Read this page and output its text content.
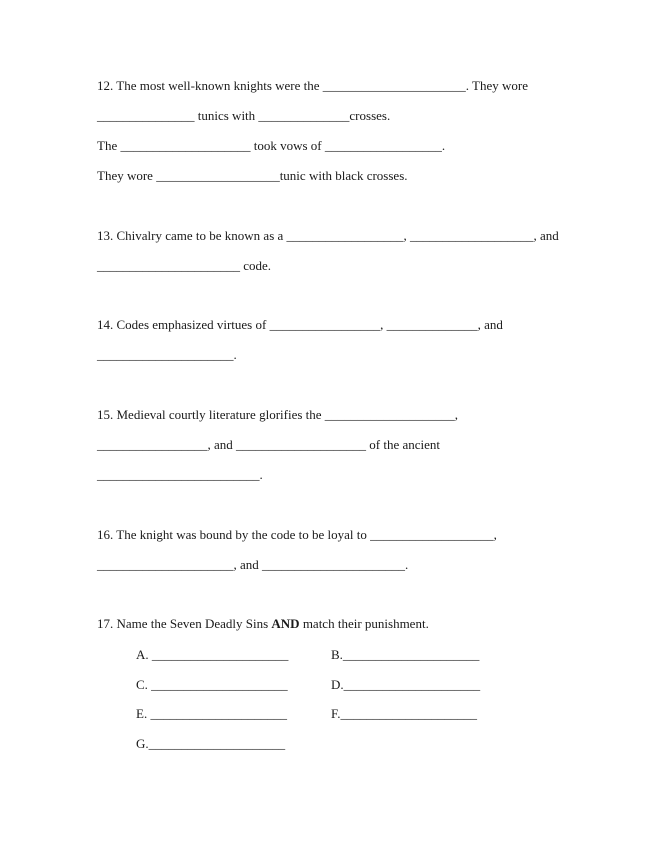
12. The most well-known knights were the ______________________. They wore
_______________ tunics with ______________crosses.
The ____________________ took vows of __________________.
They wore ___________________tunic with black crosses.
13. Chivalry came to be known as a __________________, ___________________, and
______________________ code.
14. Codes emphasized virtues of _________________, ______________, and
_____________________.
15. Medieval courtly literature glorifies the ____________________,
_________________, and ____________________ of the ancient
_________________________.
16. The knight was bound by the code to be loyal to ___________________,
_____________________, and ______________________.
17. Name the Seven Deadly Sins AND match their punishment.
A. _____________________	B._____________________
C. _____________________	D._____________________
E. _____________________	F._____________________
G._____________________
